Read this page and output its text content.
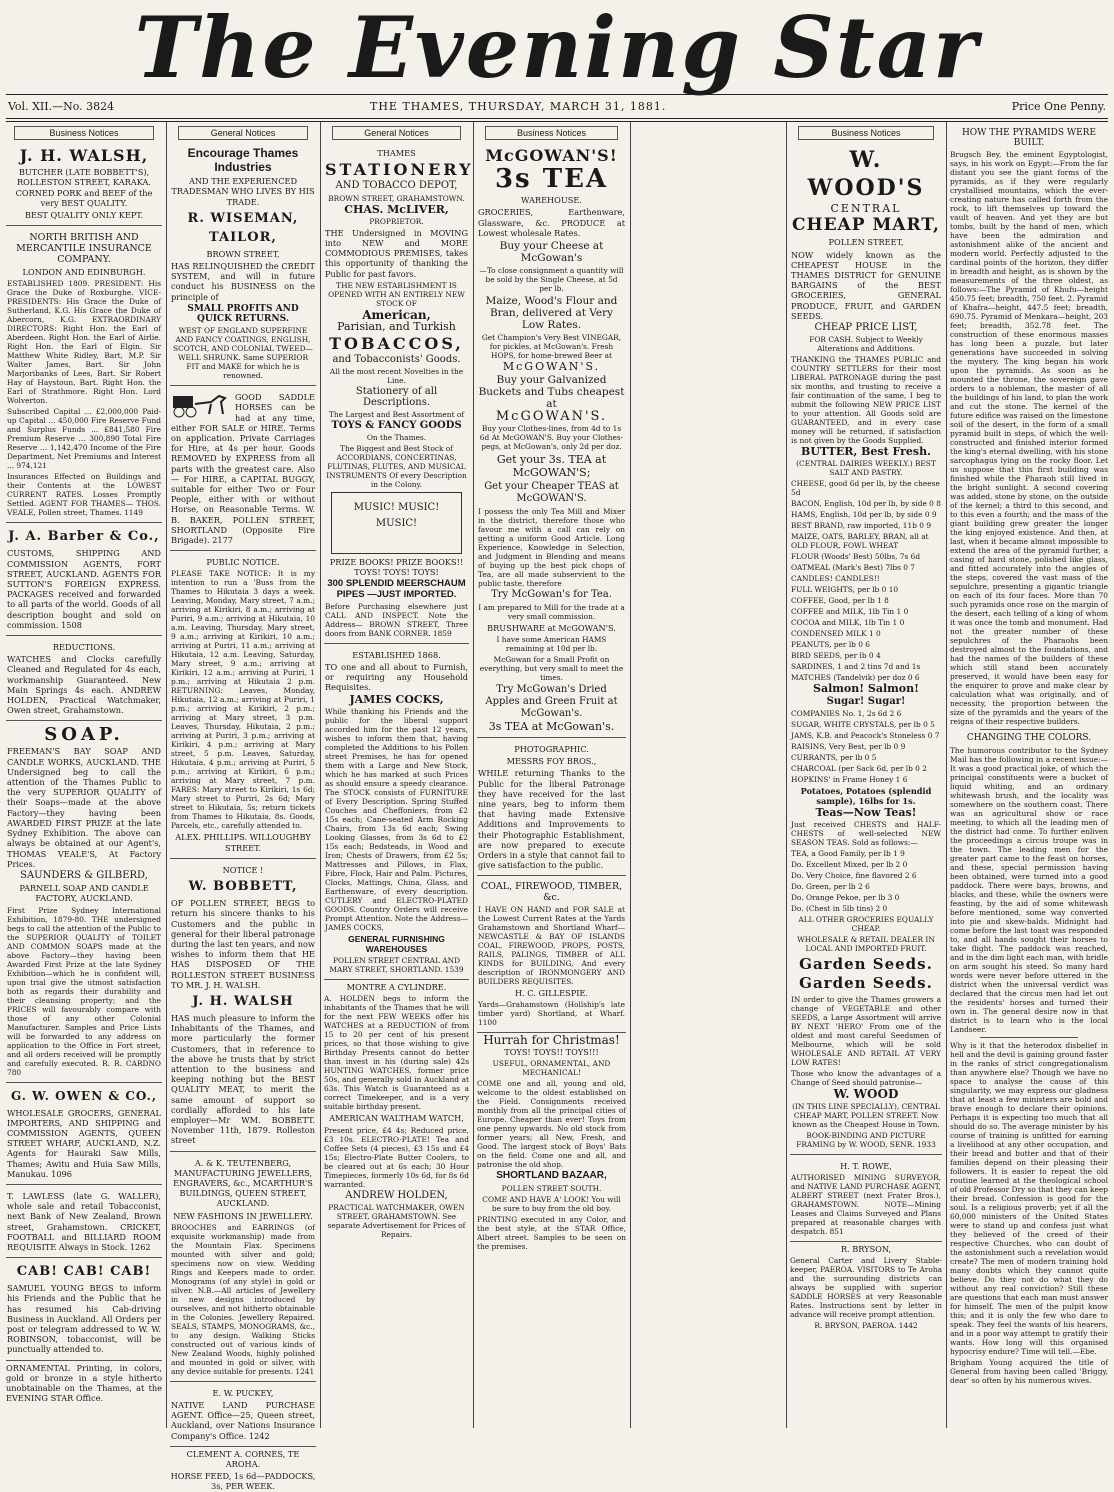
The Evening Star
Vol. XII.—No. 3824	THE THAMES, THURSDAY, MARCH 31, 1881.	Price One Penny.
Business Notices
J. H. WALSH,

BUTCHER (LATE BOBBETT'S), ROLLESTON STREET, KARAKA. CORNED PORK and BEEF of the very BEST QUALITY.

BEST QUALITY ONLY KEPT.

NORTH BRITISH AND MERCANTILE INSURANCE COMPANY.

LONDON AND EDINBURGH.

ESTABLISHED 1809. PRESIDENT: His Grace the Duke of Roxburghe. VICE-PRESIDENTS: His Grace the Duke of Sutherland, K.G. His Grace the Duke of Abercorn, K.G. EXTRAORDINARY DIRECTORS: Right Hon. the Earl of Aberdeen. Right Hon. the Earl of Airlie. Right Hon. the Earl of Elgin. Sir Matthew White Ridley, Bart, M.P. Sir Walter James, Bart. Sir John Marjoribanks of Lees, Bart. Sir Robert Hay of Haystoun, Bart. Right Hon. the Earl of Strathmore. Right Hon. Lord Wolverton.

Subscribed Capital ... £2,000,000 Paid-up Capital ... 450,000 Fire Reserve Fund and Surplus Funds ... £841,580 Fire Premium Reserve ... 300,890 Total Fire Reserve ... 1,142,470 Income of the Fire Department, Net Premiums and Interest ... 974,121

Insurances Effected on Buildings and their Contents at the LOWEST CURRENT RATES. Losses Promptly Settled. AGENT FOR THAMES— THOS. VEALE, Pollen street, Thames. 1149

J. A. Barber & Co.,

CUSTOMS, SHIPPING AND COMMISSION AGENTS, FORT STREET, AUCKLAND. AGENTS FOR SUTTON'S FOREIGN EXPRESS. PACKAGES received and forwarded to all parts of the world. Goods of all description bought and sold on commission. 1508

REDUCTIONS.

WATCHES and Clocks carefully Cleaned and Regulated for 4s each, workmanship Guaranteed. New Main Springs 4s each. ANDREW HOLDEN, Practical Watchmaker, Owen street, Grahamstown.

SOAP.

FREEMAN'S BAY SOAP AND CANDLE WORKS, AUCKLAND. THE Undersigned beg to call the attention of the Thames Public to the very SUPERIOR QUALITY of their Soaps—made at the above Factory—they having been AWARDED FIRST PRIZE at the late Sydney Exhibition. The above can always be obtained at our Agent's, THOMAS VEALE'S, At Factory Prices.

SAUNDERS & GILBERD,

PARNELL SOAP AND CANDLE FACTORY, AUCKLAND.

First Prize Sydney International Exhibition, 1879-80. THE undersigned begs to call the attention of the Public to the SUPERIOR QUALITY of TOILET AND COMMON SOAPS made at the above Factory—they having been Awarded First Prize at the late Sydney Exhibition—which he is confident will, upon trial give the utmost satisfaction both as regards their durability and their cleansing property; and the PRICES will favourably compare with those of any other Colonial Manufacturer. Samples and Price Lists will be forwarded to any address on application to the Office in Fort street, and all orders received will be promptly and carefully executed. R. R. CARDNO 780

G. W. OWEN & CO.,

WHOLESALE GROCERS, GENERAL IMPORTERS, AND SHIPPING and COMMISSION AGENTS, QUEEN STREET WHARF, AUCKLAND, N.Z. Agents for Hauraki Saw Mills, Thames; Awitu and Huia Saw Mills, Manukau. 1096

T. LAWLESS (late G. WALLER), whole sale and retail Tobacconist, next Bank of New Zealand, Brown street, Grahamstown. CRICKET, FOOTBALL and BILLIARD ROOM REQUISITE Always in Stock. 1262

CAB! CAB! CAB!

SAMUEL YOUNG BEGS to inform his Friends and the Public that he has resumed his Cab-driving Business in Auckland. All Orders per post or telegram addressed to W. W. ROBINSON, tobacconist, will be punctually attended to.

ORNAMENTAL Printing, in colors, gold or bronze in a style hitherto unobtainable on the Thames, at the EVENING STAR Office.

General Notices
Encourage Thames Industries

AND THE EXPERIENCED TRADESMAN WHO LIVES BY HIS TRADE.

R. WISEMAN, TAILOR,

BROWN STREET,

HAS RELINQUISHED the CREDIT SYSTEM, and will in future conduct his BUSINESS on the principle of

SMALL PROFITS AND QUICK RETURNS.

WEST OF ENGLAND SUPERFINE AND FANCY COATINGS, ENGLISH, SCOTCH, AND COLONIAL TWEED—WELL SHRUNK. Same SUPERIOR FIT and MAKE for which he is renowned.

GOOD SADDLE HORSES can be had at any time, either FOR SALE or HIRE. Terms on application. Private Carriages for Hire, at 4s per hour. Goods REMOVED by EXPRESS from all parts with the greatest care. Also— For HIRE, a CAPITAL BUGGY, suitable for either Two or Four People, either with or without Horse, on Reasonable Terms. W. B. BAKER, POLLEN STREET, SHORTLAND (Opposite Fire Brigade). 2177

PUBLIC NOTICE.

PLEASE TAKE NOTICE: It is my intention to run a 'Buss from the Thames to Hikutaia 3 days a week. Leaving, Monday, Mary street, 7 a.m.; arriving at Kirikiri, 8 a.m.; arriving at Puriri, 9 a.m.; arriving at Hikutaia, 10 a.m. Leaving, Thursday, Mary street, 9 a.m.; arriving at Kirikiri, 10 a.m.; arriving at Puriri, 11 a.m.; arriving at Hikutaia, 12 a.m. Leaving, Saturday, Mary street, 9 a.m.; arriving at Kirikiri, 12 a.m.; arriving at Puriri, 1 p.m.; arriving at Hikutaia 2 p.m. RETURNING: Leaves, Monday, Hikutaia, 12 a.m.; arriving at Puriri, 1 p.m.; arriving at Kirikiri, 2 p.m.; arriving at Mary street, 3 p.m. Leaves, Thursday, Hikutaia, 2 p.m.; arriving at Puriri, 3 p.m.; arriving at Kirikiri, 4 p.m.; arriving at Mary street, 5 p.m. Leaves, Saturday, Hikutaia, 4 p.m.; arriving at Puriri, 5 p.m.; arriving at Kirikiri, 6 p.m.; arriving at Mary street, 7 p.m. FARES: Mary street to Kirikiri, 1s 6d; Mary street to Puriri, 2s 6d; Mary street to Hikutaia, 5s; return tickets from Thames to Hikutaia, 8s. Goods, Parcels, etc., carefully attended to.

ALEX. PHILLIPS. WILLOUGHBY STREET.

NOTICE !

W. BOBBETT,

OF POLLEN STREET, BEGS to return his sincere thanks to his Customers and the public in general for their liberal patronage during the last ten years, and now wishes to inform them that HE HAS DISPOSED OF THE ROLLESTON STREET BUSINESS TO MR. J. H. WALSH.

J. H. WALSH

HAS much pleasure to inform the Inhabitants of the Thames, and more particularly the former Customers, that in reference to the above he trusts that by strict attention to the business and keeping nothing but the BEST QUALITY MEAT, to merit the same amount of support so cordially afforded to his late employer—Mr WM. BOBBETT. November 11th, 1879. Rolleston street

A. & K. TEUTENBERG, MANUFACTURING JEWELLERS, ENGRAVERS, &c., MCARTHUR'S BUILDINGS, QUEEN STREET, AUCKLAND.

NEW FASHIONS IN JEWELLERY.

BROOCHES and EARRINGS (of exquisite workmanship) made from the Mountain Flax. Specimens mounted with silver and gold; specimens now on view. Wedding Rings and Keepers made to order. Monograms (of any style) in gold or silver. N.B.—All articles of Jewellery in new designs introduced by ourselves, and not hitherto obtainable in the Colonies. Jewellery Repaired. SEALS, STAMPS, MONOGRAMS, &c., to any design. Walking Sticks constructed out of various kinds of New Zealand Woods, highly polished and mounted in gold or silver, with any device suitable for presents. 1241

E. W. PUCKEY,

NATIVE LAND PURCHASE AGENT. Office—25, Queen street, Auckland, over Nations Insurance Company's Office. 1242

CLEMENT A. CORNES, TE AROHA.

HORSE FEED, 1s 6d—PADDOCKS, 3s, PER WEEK.

General Notices

THAMES

STATIONERY

AND TOBACCO DEPOT,

BROWN STREET, GRAHAMSTOWN.

CHAS. McLIVER,

PROPRIETOR.

THE Undersigned in MOVING into NEW and MORE COMMODIOUS PREMISES, takes this opportunity of thanking the Public for past favors.

THE NEW ESTABLISHMENT IS OPENED WITH AN ENTIRELY NEW STOCK OF

American,

Parisian, and Turkish

TOBACCOS,

and Tobacconists' Goods.

All the most recent Novelties in the Line.

Stationery of all Descriptions.

The Largest and Best Assortment of

TOYS & FANCY GOODS

On the Thames.

The Biggest and Best Stock of ACCORDIANS, CONCERTINAS, FLUTINAS, FLUTES, AND MUSICAL INSTRUMENTS Of every Description in the Colony.

MUSIC! MUSIC! MUSIC!

PRIZE BOOKS! PRIZE BOOKS!! TOYS! TOYS! TOYS!

300 SPLENDID MEERSCHAUM PIPES —JUST IMPORTED.

Before Purchasing elsewhere just CALL AND INSPECT. Note the Address— BROWN STREET, Three doors from BANK CORNER. 1859

ESTABLISHED 1868.

TO one and all about to Furnish, or requiring any Household Requisites.

JAMES COCKS,

While thanking his Friends and the public for the liberal support accorded him for the past 12 years, wishes to inform them that, having completed the Additions to his Pollen street Premises, he has for opened them with a Large and New Stock, which he has marked at such Prices as should ensure a speedy clearance. The STOCK consists of FURNITURE of Every Description. Spring Stuffed Couches and Cheffoniers, from £2 15s each; Cane-seated Arm Rocking Chairs, from 13s 6d each; Swing Looking Glasses, from 3s 6d to £2 15s each; Bedsteads, in Wood and Iron; Chests of Drawers, from £2 5s; Mattresses and Pillows, in Flax, Fibre, Flock, Hair and Palm. Pictures, Clocks, Mattings, China, Glass, and Earthenware, of every description. CUTLERY and ELECTRO-PLATED GOODS. Country Orders will receive Prompt Attention. Note the Address— JAMES COCKS,

GENERAL FURNISHING WAREHOUSES

POLLEN STREET CENTRAL AND MARY STREET, SHORTLAND. 1539

MONTRE A CYLINDRE.

A. HOLDEN begs to inform the inhabitants of the Thames that he will for the next FEW WEEKS offer his WATCHES at a REDUCTION of from 15 to 20 per cent of his present prices, so that those wishing to give Birthday Presents cannot do better than invest in his (during sale) 42s HUNTING WATCHES, former price 50s, and generally sold in Auckland at 63s. This Watch is Guaranteed as a correct Timekeeper, and is a very suitable birthday present.

AMERICAN WALTHAM WATCH,

Present price, £4 4s; Reduced price, £3 10s. ELECTRO-PLATE! Tea and Coffee Sets (4 pieces), £3 15s and £4 15s; Electro-Plate Butter Coolers, to be cleared out at 6s each; 30 Hour Timepieces, formerly 10s 6d, for 8s 6d warranted.

ANDREW HOLDEN,

PRACTICAL WATCHMAKER, OWEN STREET, GRAHAMSTOWN. See separate Advertisement for Prices of Repairs.

Business Notices
McGOWAN'S!
3s TEA

WAREHOUSE.

GROCERIES, Earthenware, Glassware, &c. PRODUCE at Lowest wholesale Rates.

Buy your Cheese at McGowan's

—To close consignment a quantity will be sold by the Single Cheese, at 5d per lb.

Maize, Wood's Flour and Bran, delivered at Very Low Rates.

Get Champion's Very Best VINEGAR, for pickles, at McGowan's. Fresh HOPS, for home-brewed Beer at

McGOWAN'S.

Buy your Galvanized Buckets and Tubs cheapest at

McGOWAN'S.

Buy your Clothes-lines, from 4d to 1s 6d At McGOWAN'S. Buy your Clothes-pegs, at McGowan's, only 2d per doz.

Get your 3s. TEA at McGOWAN'S;

Get your Cheaper TEAS at McGOWAN'S.

I possess the only Tea Mill and Mixer in the district, therefore those who favour me with a call can rely on getting a uniform Good Article. Long Experience, Knowledge in Selection, and Judgment in Blending and means of buying up the best pick chops of Tea, are all made subservient to the public taste, therefore

Try McGowan's for Tea.

I am prepared to Mill for the trade at a very small commission.

BRUSHWARE at McGOWAN'S.

I have some American HAMS remaining at 10d per lb.

McGowan for a Small Profit on everything, but very small to meet the times.

Try McGowan's Dried Apples and Green Fruit at McGowan's.

3s TEA at McGowan's.

PHOTOGRAPHIC.

MESSRS FOY BROS.,

WHILE returning Thanks to the Public for the liberal Patronage they have received for the last nine years, beg to inform them that having made Extensive Additions and Improvements to their Photographic Establishment, are now prepared to execute Orders in a style that cannot fail to give satisfaction to the public.

COAL, FIREWOOD, TIMBER, &c.

I HAVE ON HAND and FOR SALE at the Lowest Current Rates at the Yards Grahamstown and Shortland Wharf— NEWCASTLE & BAY OF ISLANDS COAL, FIREWOOD, PROPS, POSTS, RAILS, PALINGS, TIMBER of ALL KINDS for BUILDING, And every description of IRONMONGERY AND BUILDERS REQUISITES.

H. C. GILLESPIE.

Yards—Grahamstown (Hollship's late timber yard) Shortland, at Wharf. 1100

Hurrah for Christmas!

TOYS! TOYS!! TOYS!!!

USEFUL, ORNAMENTAL, AND MECHANICAL!

COME one and all, young and old, welcome to the oldest established on the Field. Consignments received monthly from all the principal cities of Europe. Cheaper than ever! Toys from one penny upwards. No old stock from former years; all New, Fresh, and Good. The largest stock of Boys' Bats on the field. Come one and all, and patronise the old shop.

SHORTLAND BAZAAR,

POLLEN STREET SOUTH.

COME AND HAVE A' LOOK! You will be sure to buy from the old boy.

PRINTING executed in any Color, and the best style, at the STAR Office, Albert street. Samples to be seen on the premises.

Business Notices
W. WOOD'S

CENTRAL

CHEAP MART,

POLLEN STREET,

NOW widely known as the CHEAPEST HOUSE in the THAMES DISTRICT for GENUINE BARGAINS of the BEST GROCERIES, GENERAL PRODUCE, FRUIT, and GARDEN SEEDS.

CHEAP PRICE LIST,

FOR CASH. Subject to Weekly Alterations and Additions.

THANKING the THAMES PUBLIC and COUNTRY SETTLERS for their most LIBERAL PATRONAGE during the past six months, and trusting to receive a fair continuation of the same, I beg to submit the following NEW PRICE LIST to your attention. All Goods sold are GUARANTEED, and in every case money will be returned, if satisfaction is not given by the Goods Supplied.

BUTTER, Best Fresh.

(CENTRAL DAIRIES WEEKLY.) BEST SALT AND PASTRY.

CHEESE, good 6d per lb, by the cheese 5d

BACON, English, 10d per lb, by side 0 8

HAMS, English, 10d per lb, by side 0 9

BEST BRAND, raw imported, 11b 0 9

MAIZE, OATS, BARLEY, BRAN, all at OLD FLOUR, FOWL WHEAT

FLOUR (Woods' Best) 50lbs, 7s 6d

OATMEAL (Mark's Best) 7lbs 0 7

CANDLES! CANDLES!!

FULL WEIGHTS, per lb 0 10

COFFEE, Good, per lb 1 8

COFFEE and MILK, 1lb Tin 1 0

COCOA and MILK, 1lb Tin 1 0

CONDENSED MILK 1 0

PEANUTS, per lb 0 6

BIRD SEEDS, per lb 0 4

SARDINES, 1 and 2 tins 7d and 1s

MATCHES (Tandelvik) per doz 0 6

Salmon! Salmon!

Sugar! Sugar!

COMPANIES No. 1, 2s 6d 2 6

SUGAR, WHITE CRYSTALS, per lb 0 5

JAMS, K.B. and Peacock's Stoneless 0 7

RAISINS, Very Best, per lb 0 9

CURRANTS, per lb 0 5

CHARCOAL (per Sack 6d, per lb 0 2

HOPKINS' in Frame Honey 1 6

Potatoes, Potatoes (splendid sample), 16lbs for 1s.

Teas—Now Teas!

Just received CHESTS and HALF-CHESTS of well-selected NEW SEASON TEAS. Sold as follows:—

TEA, a Good Family, per lb 1 9

Do. Excellent Mixed, per lb 2 0

Do. Very Choice, fine flavored 2 6

Do. Green, per lb 2 6

Do. Orange Pekoe, per lb 3 0

Do. (Chest in 5lb tins) 2 0

ALL OTHER GROCERIES EQUALLY CHEAP.

WHOLESALE & RETAIL DEALER IN LOCAL AND IMPORTED FRUIT.

Garden Seeds.
Garden Seeds.

IN order to give the Thames growers a change of VEGETABLE and other SEEDS, a Large Assortment will arrive BY NEXT 'HERO' From one of the oldest and most careful Seedsmen of Melbourne, which will be sold WHOLESALE AND RETAIL AT VERY LOW RATES!

Those who know the advantages of a Change of Seed should patronise—

W. WOOD

(IN THIS LINE SPECIALLY), CENTRAL CHEAP MART, POLLEN STREET. Now known as the Cheapest House in Town.

BOOK-BINDING AND PICTURE FRAMING by W. WOOD, SENR. 1933

H. T. ROWE,

AUTHORISED MINING SURVEYOR, and NATIVE LAND PURCHASE AGENT, ALBERT STREET (next Frater Bros.), GRAHAMSTOWN. NOTE—Mining Leases and Claims Surveyed and Plans prepared at reasonable charges with despatch. 851

R. BRYSON,

General Carter and Livery Stable-keeper, PAEROA. VISITORS to Te Aroha and the surrounding districts can always be supplied with superior SADDLE HORSES at very Reasonable Rates. Instructions sent by letter in advance will receive prompt attention.

R. BRYSON, PAEROA. 1442

HOW THE PYRAMIDS WERE BUILT.

Brugsch Bey, the eminent Egyptologist, says, in his work on Egypt:—From the far distant you see the giant forms of the pyramids, as if they were regularly crystallised mountains, which the ever-creating nature has called forth from the rock, to lift themselves up toward the vault of heaven. And yet they are but tombs, built by the hand of men, which have been the admiration and astonishment alike of the ancient and modern world. Perfectly adjusted to the cardinal points of the horizon, they differ in breadth and height, as is shown by the measurements of the three oldest, as follows:—The Pyramid of Khufu—height 450.75 feet; breadth, 750 feet. 2. Pyramid of Khafra—height, 447.5 feet; breadth, 690.75. Pyramid of Menkara—height, 203 feet; breadth, 352.78 feet. The construction of these enormous masses has long been a puzzle, but later generations have succeeded in solving the mystery. The king began his work upon the pyramids. As soon as he mounted the throne, the sovereign gave orders to a nobleman, the master of all the buildings of his land, to plan the work and cut the stone. The kernel of the future edifice was raised on the limestone soil of the desert, in the form of a small pyramid built in steps, of which the well-constructed and finished interior formed the king's eternal dwelling, with his stone sarcophagus lying on the rocky floor. Let us suppose that this first building was finished while the Pharaoh still lived in the bright sunlight. A second covering was added, stone by stone, on the outside of the kernel; a third to this second, and to this even a fourth; and the mass of the giant building grew greater the longer the king enjoyed existence. And then, at last, when it became almost impossible to extend the area of the pyramid further, a casing of hard stone, polished like glass, and fitted accurately into the angles of the steps, covered the vast mass of the sepulchre, presenting a gigantic triangle on each of its four faces. More than 70 such pyramids once rose on the margin of the desert, each telling of a king of whom it was once the tomb and monument. Had not the greater number of these sepulchres of the Pharaohs been destroyed almost to the foundations, and had the names of the builders of these which still stand been accurately preserved, it would have been easy for the enquirer to prove and make clear by calculation what was originally, and of necessity, the proportion between the size of the pyramids and the years of the reigns of their respective builders.

CHANGING THE COLORS.

The humorous contributor to the Sydney Mail has the following in a recent issue:—It was a good practical joke, of which the principal constituents were a bucket of liquid whiting, and an ordinary whitewash brush, and the locality was somewhere on the southern coast. There was an agricultural show or race meeting, to which all the leading men of the district had come. To further enliven the proceedings a circus troupe was in the town. The leading men for the greater part came to the feast on horses, and these, special permission having been obtained, were turned into a good paddock. There were bays, browns, and blacks, and these, while the owners were feasting, by the aid of some whitewash before mentioned, some way converted into pie and skew-balds. Midnight had come before the last toast was responded to, and all hands sought their horses to take flight. The paddock was reached, and in the dim light each man, with bridle on arm sought his steed. So many hard words were never before uttered in the district when the universal verdict was declared that the circus men had let out the residents' horses and turned their own in. The general desire now in that district is to learn who is the local Landseer.

Why is it that the heterodox disbelief in hell and the devil is gaining ground faster in the ranks of strict congregationalism than anywhere else? Though we have no space to analyse the cause of this singularity, we may express our gladness that at least a few ministers are bold and brave enough to declare their opinions. Perhaps it is expecting too much that all should do so. The average minister by his course of training is unfitted for earning a livelihood at any other occupation, and their bread and butter and that of their families depend on their pleasing their followers. It is easier to repeat the old routine learned at the theological school of old Professor Dry so that they can keep their bread. Confession is good for the soul. Is a religious proverb; yet if all the 60,000 ministers of the United States were to stand up and confess just what they believed of the creed of their respective Churches, who can doubt of the astonishment such a revelation would create? The men of modern training hold many doubts which they cannot quite believe. Do they not do what they do without any real conviction? Still these are questions that each man must answer for himself. The men of the pulpit know this; and it is only the few who dare to speak. They feel the wants of his hearers, and in a poor way attempt to gratify their wants. How long will this organised hypocrisy endure? Time will tell.—Ebe.

Brigham Young acquired the title of General from having been called 'Briggy, dear' so often by his numerous wives.
